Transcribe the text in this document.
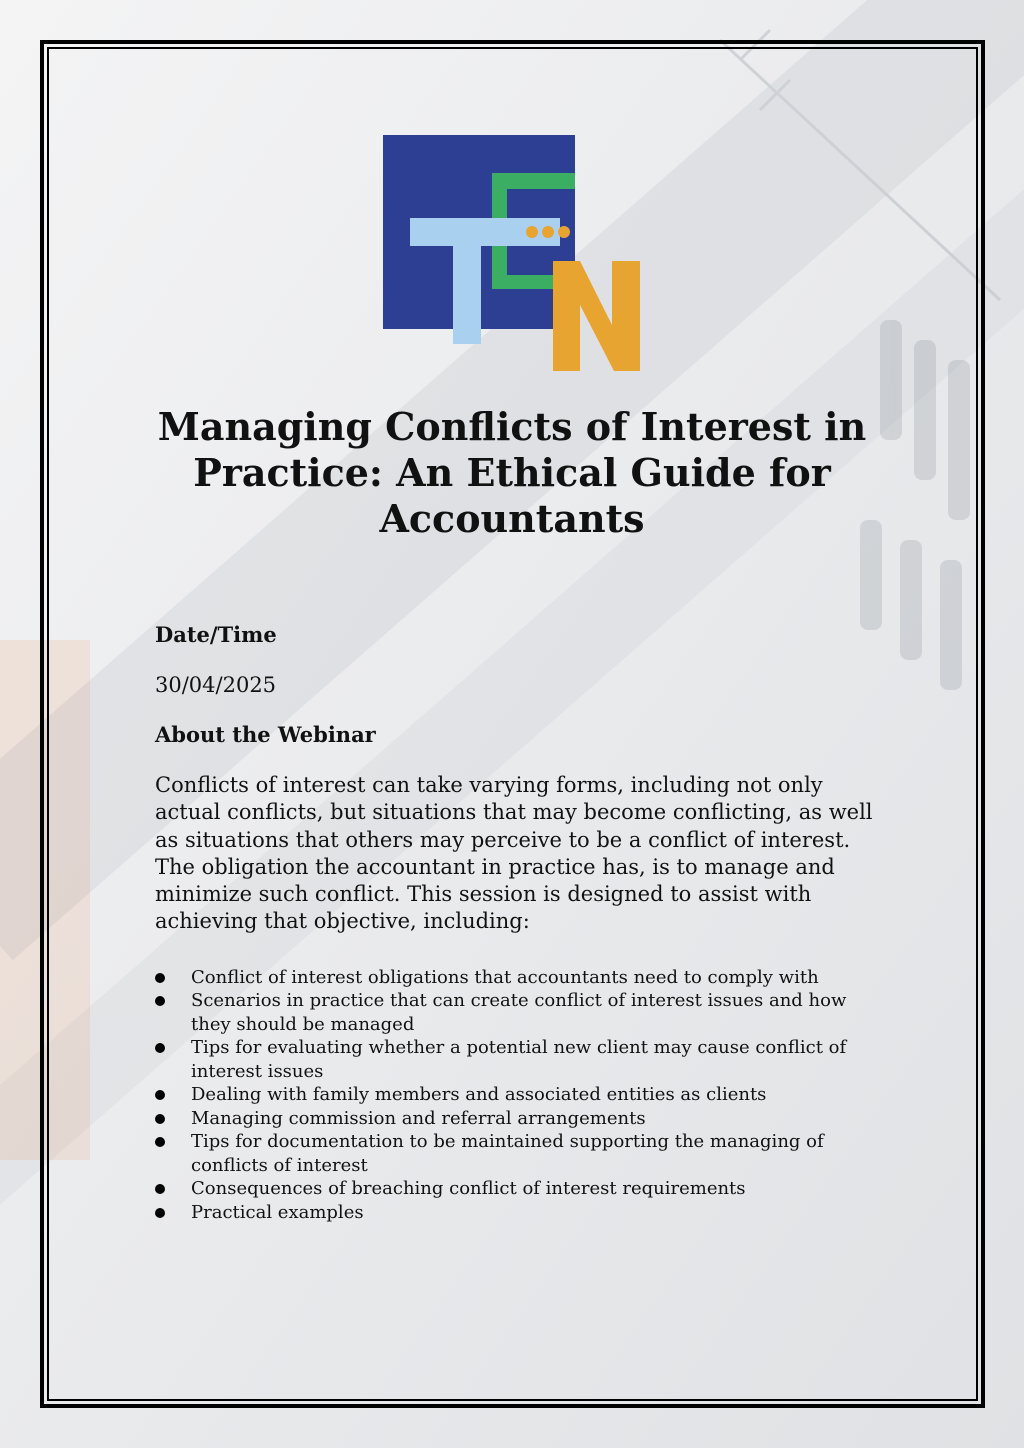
Managing Conflicts of Interest in Practice: An Ethical Guide for Accountants

Date/Time

30/04/2025

About the Webinar

Conflicts of interest can take varying forms, including not only actual conflicts, but situations that may become conflicting, as well as situations that others may perceive to be a conflict of interest. The obligation the accountant in practice has, is to manage and minimize such conflict. This session is designed to assist with achieving that objective, including:

Conflict of interest obligations that accountants need to comply with
Scenarios in practice that can create conflict of interest issues and how they should be managed
Tips for evaluating whether a potential new client may cause conflict of interest issues
Dealing with family members and associated entities as clients
Managing commission and referral arrangements
Tips for documentation to be maintained supporting the managing of conflicts of interest
Consequences of breaching conflict of interest requirements
Practical examples
